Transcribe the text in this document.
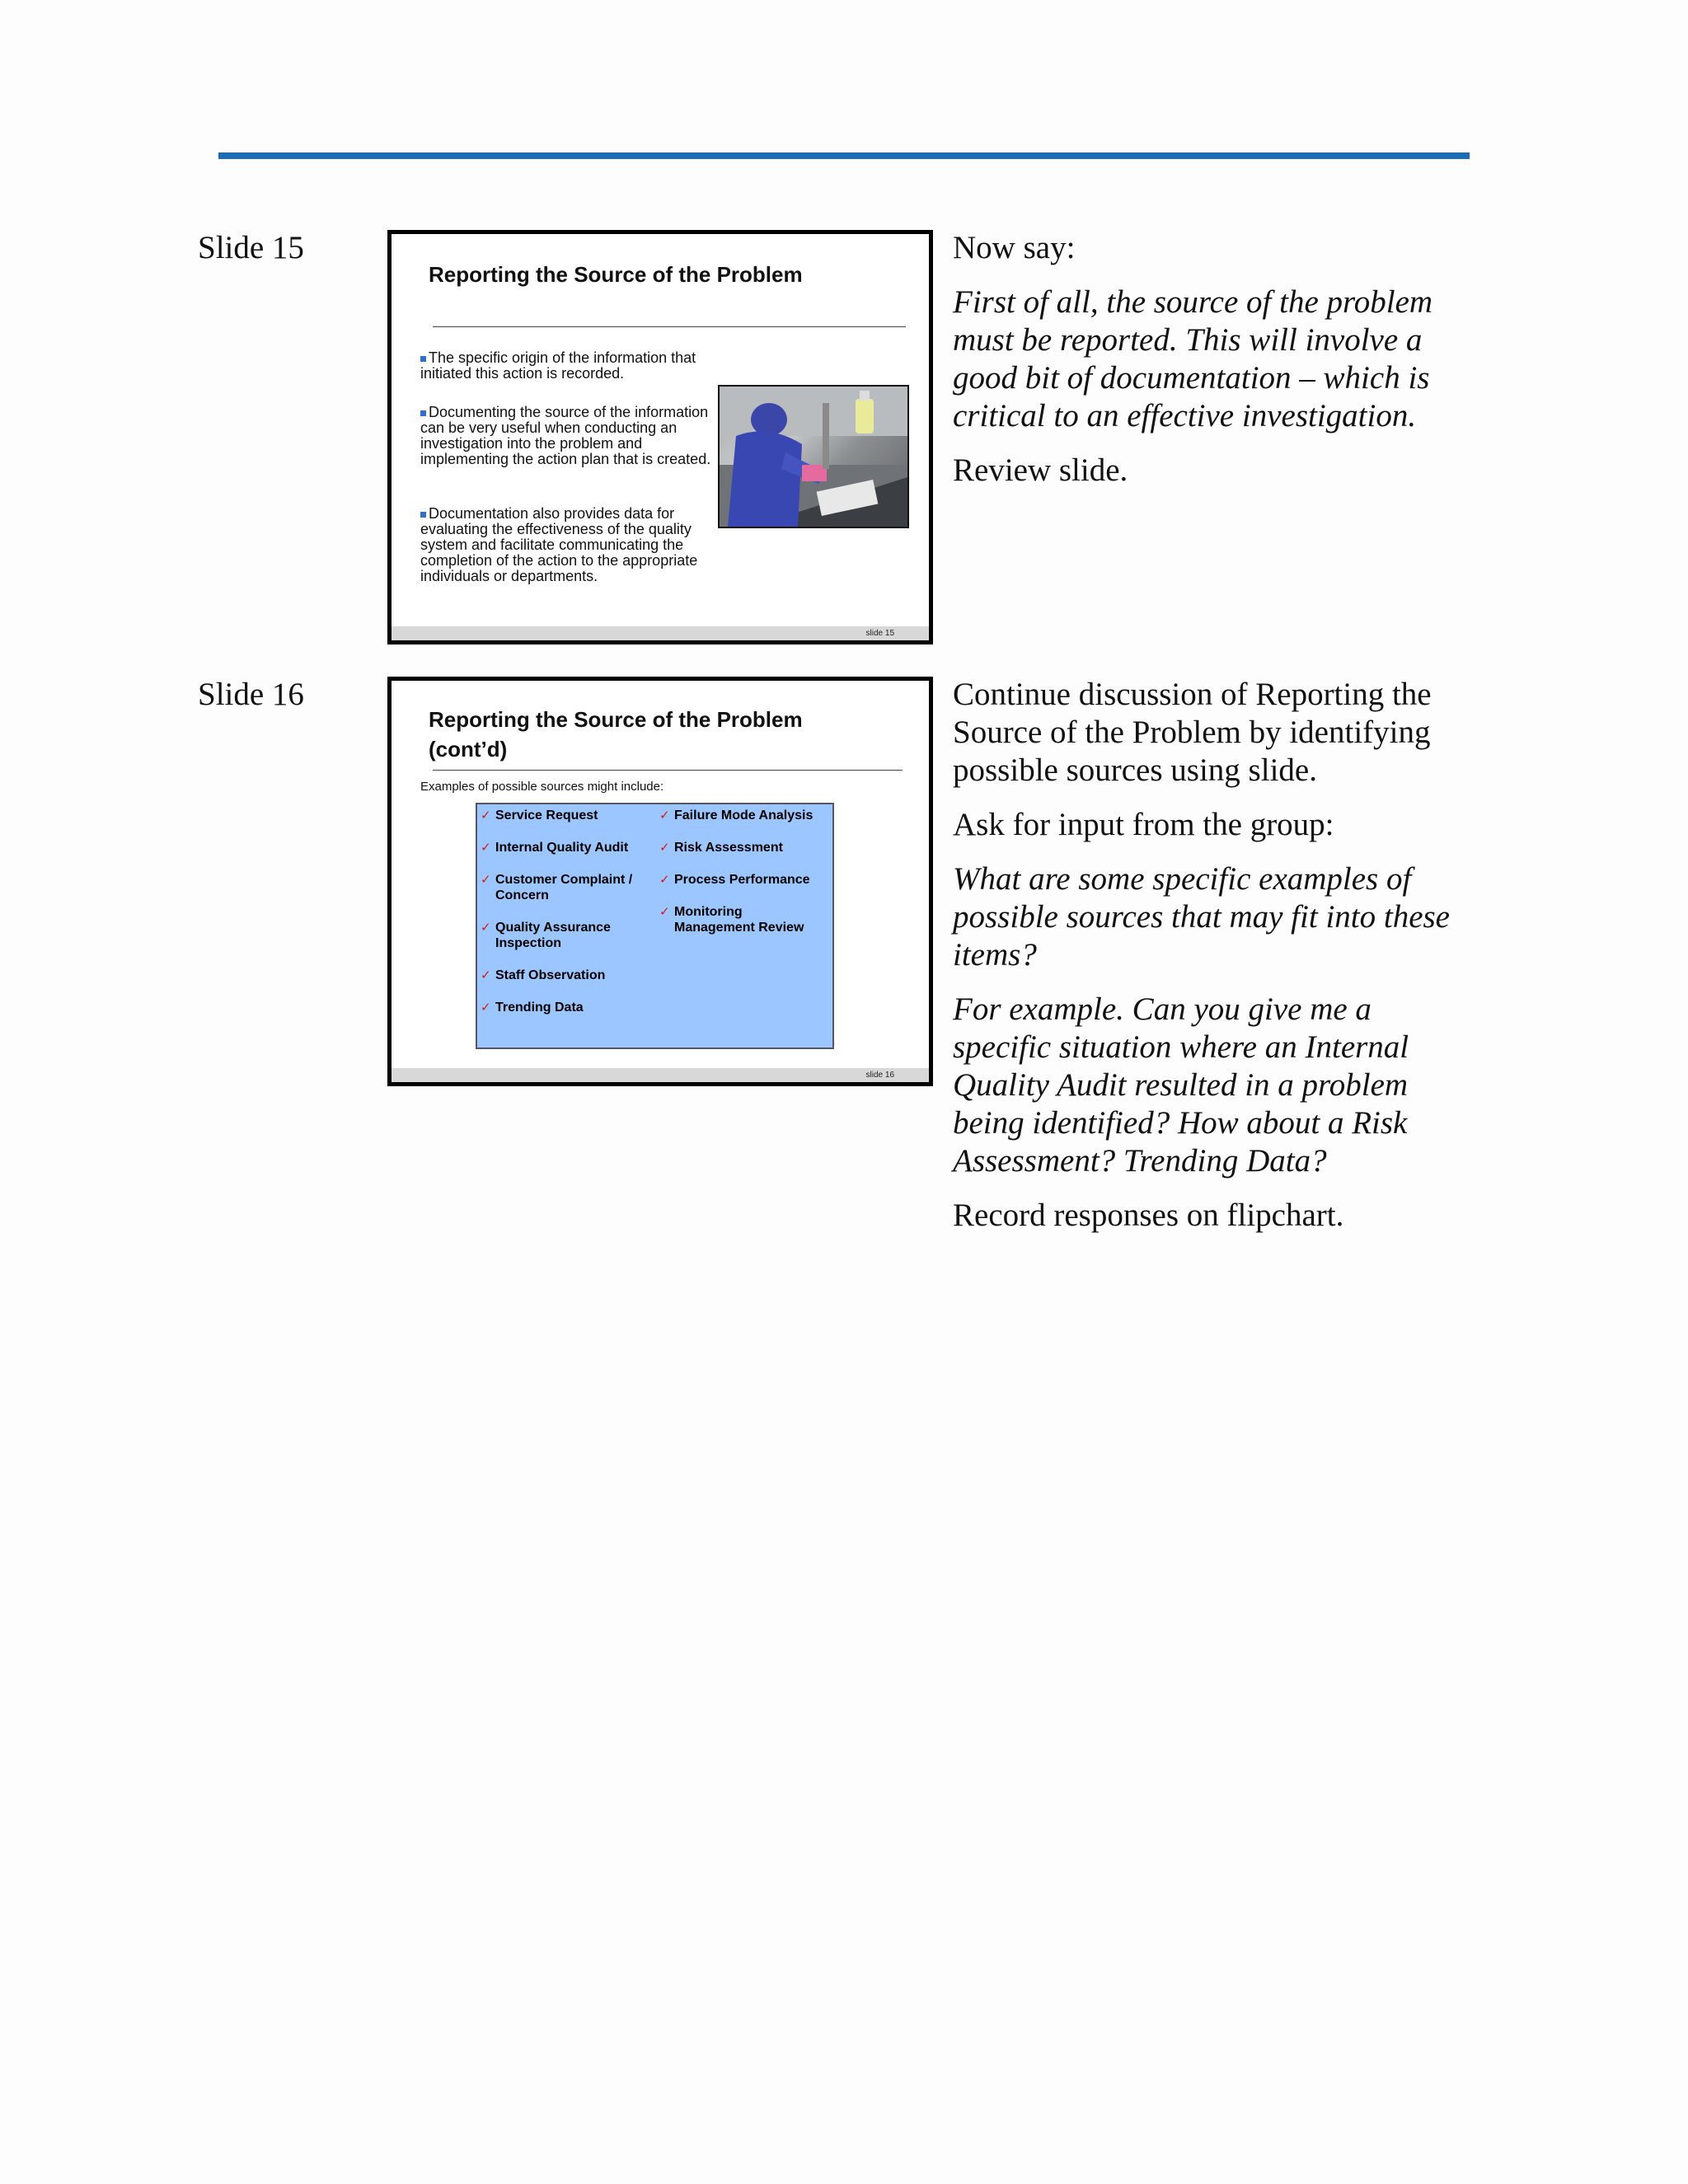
Slide 15
Reporting the Source of the Problem
The specific origin of the information that initiated this action is recorded.
Documenting the source of the information can be very useful when conducting an investigation into the problem and implementing the action plan that is created.
Documentation also provides data for evaluating the effectiveness of the quality system and facilitate communicating the completion of the action to the appropriate individuals or departments.
slide 15

Now say:

First of all, the source of the problem must be reported. This will involve a good bit of documentation – which is critical to an effective investigation.

Review slide.

Slide 16
Reporting the Source of the Problem
(cont’d)
Examples of possible sources might include:
✓ Service Request
✓ Internal Quality Audit
✓ Customer Complaint / Concern
✓ Quality Assurance Inspection
✓ Staff Observation
✓ Trending Data
✓ Failure Mode Analysis
✓ Risk Assessment
✓ Process Performance
✓ Monitoring Management Review
slide 16

Continue discussion of Reporting the Source of the Problem by identifying possible sources using slide.

Ask for input from the group:

What are some specific examples of possible sources that may fit into these items?

For example. Can you give me a specific situation where an Internal Quality Audit resulted in a problem being identified? How about a Risk Assessment? Trending Data?

Record responses on flipchart.
